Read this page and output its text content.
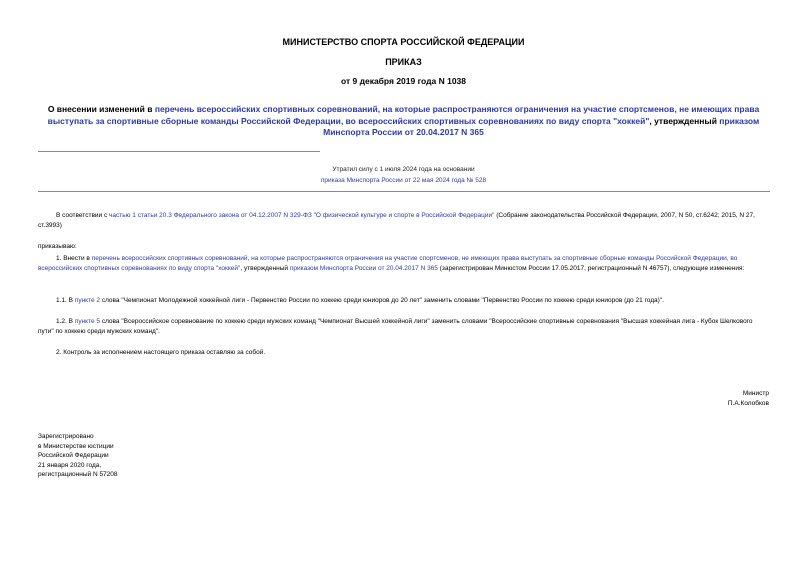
МИНИСТЕРСТВО СПОРТА РОССИЙСКОЙ ФЕДЕРАЦИИ
ПРИКАЗ
от 9 декабря 2019 года N 1038
О внесении изменений в перечень всероссийских спортивных соревнований, на которые распространяются ограничения на участие спортсменов, не имеющих права выступать за спортивные сборные команды Российской Федерации, во всероссийских спортивных соревнованиях по виду спорта "хоккей", утвержденный приказом Минспорта России от 20.04.2017 N 365
Утратил силу с 1 июля 2024 года на основании
приказа Минспорта России от 22 мая 2024 года № 528
В соответствии с частью 1 статьи 20.3 Федерального закона от 04.12.2007 N 329-ФЗ "О физической культуре и спорте в Российской Федерации" (Собрание законодательства Российской Федерации, 2007, N 50, ст.6242; 2015, N 27, ст.3993)
приказываю:
1. Внести в перечень всероссийских спортивных соревнований, на которые распространяются ограничения на участие спортсменов, не имеющих права выступать за спортивные сборные команды Российской Федерации, во всероссийских спортивных соревнованиях по виду спорта "хоккей", утвержденный приказом Минспорта России от 20.04.2017 N 365 (зарегистрирован Минюстом России 17.05.2017, регистрационный N 46757), следующие изменения:
1.1. В пункте 2 слова "Чемпионат Молодежной хоккейной лиги - Первенство России по хоккею среди юниоров до 20 лет" заменить словами "Первенство России по хоккею среди юниоров (до 21 года)".
1.2. В пункте 5 слова "Всероссийское соревнование по хоккею среди мужских команд "Чемпионат Высшей хоккейной лиги" заменить словами "Всероссийские спортивные соревнования "Высшая хоккейная лига - Кубок Шелкового пути" по хоккею среди мужских команд".
2. Контроль за исполнением настоящего приказа оставляю за собой.
Министр
П.А.Колобков
Зарегистрировано
в Министерстве юстиции
Российской Федерации
21 января 2020 года,
регистрационный N 57208
